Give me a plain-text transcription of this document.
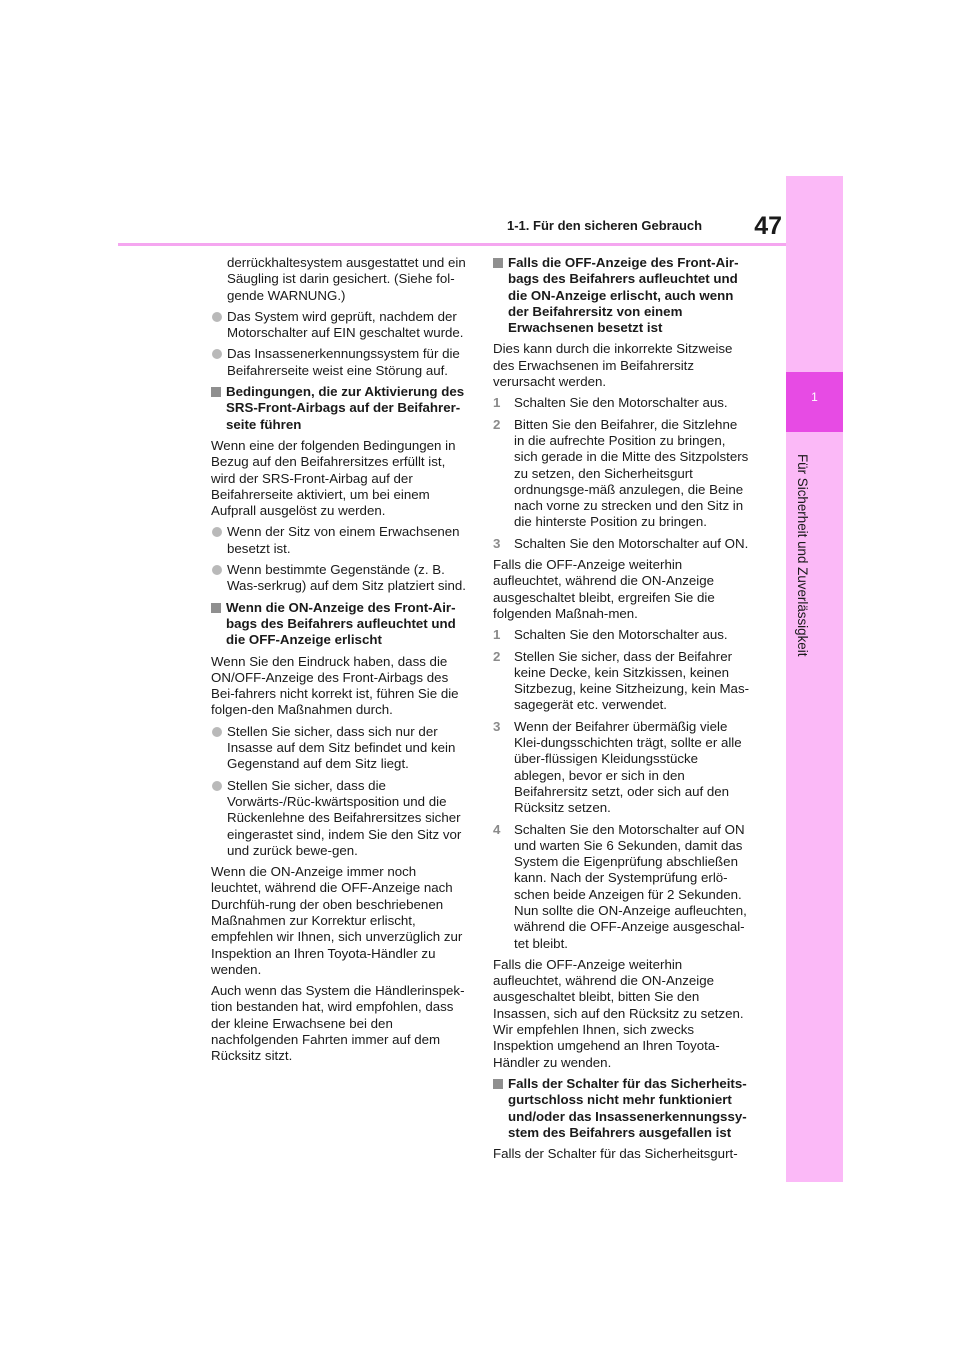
1
Für Sicherheit und Zuverlässigkeit
47
1-1. Für den sicheren Gebrauch

derrückhaltesystem ausgestattet und ein Säugling ist darin gesichert. (Siehe fol-gende WARNUNG.)

Das System wird geprüft, nachdem der Motorschalter auf EIN geschaltet wurde.

Das Insassenerkennungssystem für die Beifahrerseite weist eine Störung auf.

Bedingungen, die zur Aktivierung des SRS-Front-Airbags auf der Beifahrer-seite führen

Wenn eine der folgenden Bedingungen in Bezug auf den Beifahrersitzes erfüllt ist, wird der SRS-Front-Airbag auf der Beifahrerseite aktiviert, um bei einem Aufprall ausgelöst zu werden.

Wenn der Sitz von einem Erwachsenen besetzt ist.

Wenn bestimmte Gegenstände (z. B. Was-serkrug) auf dem Sitz platziert sind.

Wenn die ON-Anzeige des Front-Air-bags des Beifahrers aufleuchtet und die OFF-Anzeige erlischt

Wenn Sie den Eindruck haben, dass die ON/OFF-Anzeige des Front-Airbags des Bei-fahrers nicht korrekt ist, führen Sie die folgen-den Maßnahmen durch.

Stellen Sie sicher, dass sich nur der Insasse auf dem Sitz befindet und kein Gegenstand auf dem Sitz liegt.

Stellen Sie sicher, dass die Vorwärts-/Rüc-kwärtsposition und die Rückenlehne des Beifahrersitzes sicher eingerastet sind, indem Sie den Sitz vor und zurück bewe-gen.

Wenn die ON-Anzeige immer noch leuchtet, während die OFF-Anzeige nach Durchfüh-rung der oben beschriebenen Maßnahmen zur Korrektur erlischt, empfehlen wir Ihnen, sich unverzüglich zur Inspektion an Ihren Toyota-Händler zu wenden.

Auch wenn das System die Händlerinspek-tion bestanden hat, wird empfohlen, dass der kleine Erwachsene bei den nachfolgenden Fahrten immer auf dem Rücksitz sitzt.

Falls die OFF-Anzeige des Front-Air-bags des Beifahrers aufleuchtet und die ON-Anzeige erlischt, auch wenn der Beifahrersitz von einem Erwachsenen besetzt ist

Dies kann durch die inkorrekte Sitzweise des Erwachsenen im Beifahrersitz verursacht werden.

1 Schalten Sie den Motorschalter aus.

2 Bitten Sie den Beifahrer, die Sitzlehne in die aufrechte Position zu bringen, sich gerade in die Mitte des Sitzpolsters zu setzen, den Sicherheitsgurt ordnungsge-mäß anzulegen, die Beine nach vorne zu strecken und den Sitz in die hinterste Position zu bringen.

3 Schalten Sie den Motorschalter auf ON.

Falls die OFF-Anzeige weiterhin aufleuchtet, während die ON-Anzeige ausgeschaltet bleibt, ergreifen Sie die folgenden Maßnah-men.

1 Schalten Sie den Motorschalter aus.

2 Stellen Sie sicher, dass der Beifahrer keine Decke, kein Sitzkissen, keinen Sitzbezug, keine Sitzheizung, kein Mas-sagegerät etc. verwendet.

3 Wenn der Beifahrer übermäßig viele Klei-dungsschichten trägt, sollte er alle über-flüssigen Kleidungsstücke ablegen, bevor er sich in den Beifahrersitz setzt, oder sich auf den Rücksitz setzen.

4 Schalten Sie den Motorschalter auf ON und warten Sie 6 Sekunden, damit das System die Eigenprüfung abschließen kann. Nach der Systemprüfung erlö-schen beide Anzeigen für 2 Sekunden. Nun sollte die ON-Anzeige aufleuchten, während die OFF-Anzeige ausgeschal-tet bleibt.

Falls die OFF-Anzeige weiterhin aufleuchtet, während die ON-Anzeige ausgeschaltet bleibt, bitten Sie den Insassen, sich auf den Rücksitz zu setzen. Wir empfehlen Ihnen, sich zwecks Inspektion umgehend an Ihren Toyota-Händler zu wenden.

Falls der Schalter für das Sicherheits-gurtschloss nicht mehr funktioniert und/oder das Insassenerkennungssy-stem des Beifahrers ausgefallen ist

Falls der Schalter für das Sicherheitsgurt-
